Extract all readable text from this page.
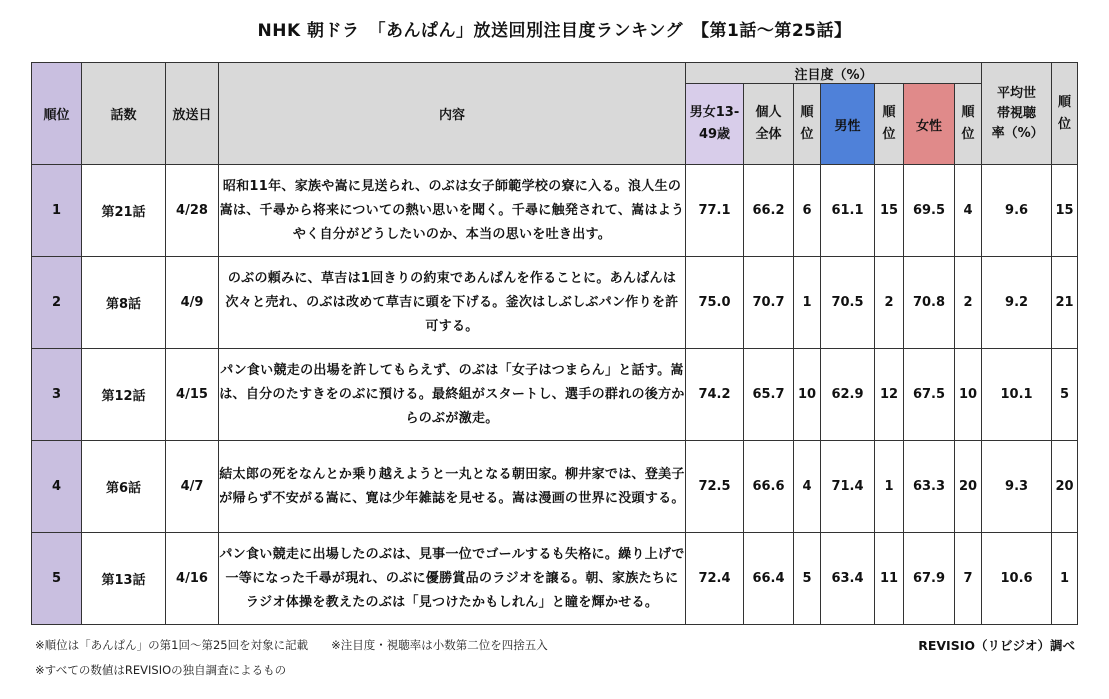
NHK 朝ドラ　「あんぱん」放送回別注目度ランキング　【第1話～第25話】
順位	話数	放送日	内容	注目度（%）							平均世帯視聴率（%）	順位
				男女13-49歳	個人全体	順位	男性	順位	女性	順位		
1	第21話	4/28	昭和11年、家族や嵩に見送られ、のぶは女子師範学校の寮に入る。浪人生の嵩は、千尋から将来についての熱い思いを聞く。千尋に触発されて、嵩はようやく自分がどうしたいのか、本当の思いを吐き出す。	77.1	66.2	6	61.1	15	69.5	4	9.6	15
2	第8話	4/9	のぶの頼みに、草吉は1回きりの約束であんぱんを作ることに。あんぱんは次々と売れ、のぶは改めて草吉に頭を下げる。釜次はしぶしぶパン作りを許可する。	75.0	70.7	1	70.5	2	70.8	2	9.2	21
3	第12話	4/15	パン食い競走の出場を許してもらえず、のぶは「女子はつまらん」と話す。嵩は、自分のたすきをのぶに預ける。最終組がスタートし、選手の群れの後方からのぶが激走。	74.2	65.7	10	62.9	12	67.5	10	10.1	5
4	第6話	4/7	結太郎の死をなんとか乗り越えようと一丸となる朝田家。柳井家では、登美子が帰らず不安がる嵩に、寛は少年雑誌を見せる。嵩は漫画の世界に没頭する。	72.5	66.6	4	71.4	1	63.3	20	9.3	20
5	第13話	4/16	パン食い競走に出場したのぶは、見事一位でゴールするも失格に。繰り上げで一等になった千尋が現れ、のぶに優勝賞品のラジオを譲る。朝、家族たちにラジオ体操を教えたのぶは「見つけたかもしれん」と瞳を輝かせる。	72.4	66.4	5	63.4	11	67.9	7	10.6	1
※順位は「あんぱん」の第1回～第25回を対象に記載　　※注目度・視聴率は小数第二位を四捨五入
※すべての数値はREVISIOの独自調査によるもの
REVISIO（リビジオ）調べ
